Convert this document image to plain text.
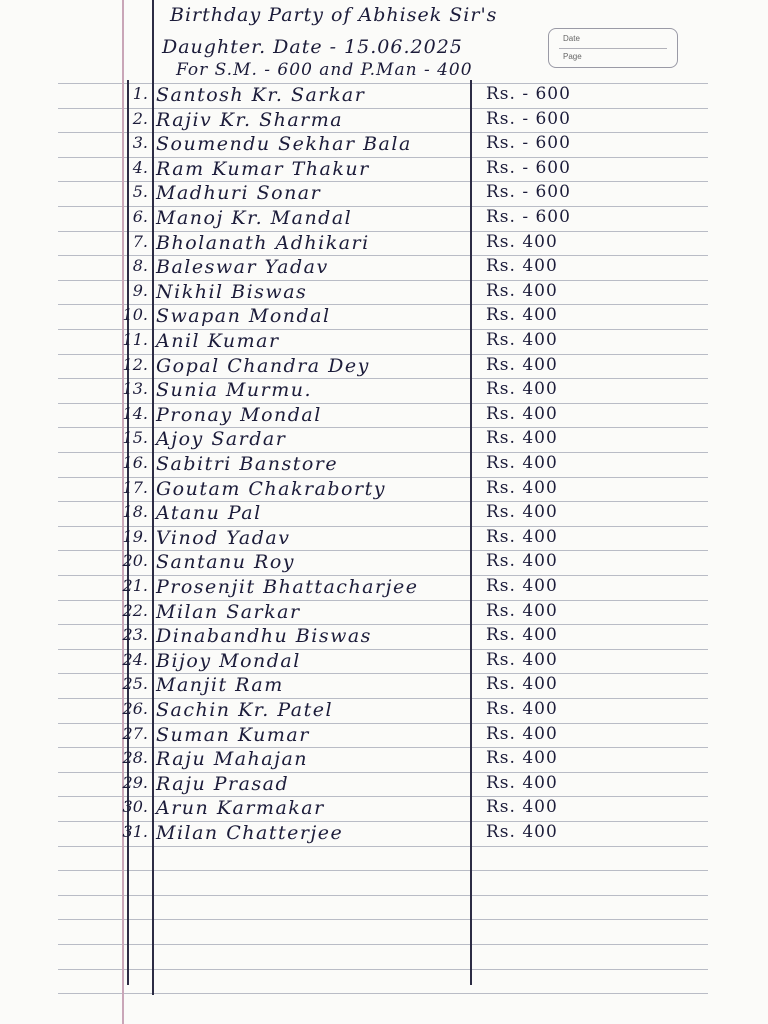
Birthday Party of Abhisek Sir's
Daughter. Date - 15.06.2025
For S.M. - 600 and P.Man - 400
Date
Page
1. Santosh Kr. Sarkar	Rs. - 600
2. Rajiv Kr. Sharma	Rs. - 600
3. Soumendu Sekhar Bala	Rs. - 600
4. Ram Kumar Thakur	Rs. - 600
5. Madhuri Sonar	Rs. - 600
6. Manoj Kr. Mandal	Rs. - 600
7. Bholanath Adhikari	Rs. 400
8. Baleswar Yadav	Rs. 400
9. Nikhil Biswas	Rs. 400
10. Swapan Mondal	Rs. 400
11. Anil Kumar	Rs. 400
12. Gopal Chandra Dey	Rs. 400
13. Sunia Murmu.	Rs. 400
14. Pronay Mondal	Rs. 400
15. Ajoy Sardar	Rs. 400
16. Sabitri Banstore	Rs. 400
17. Goutam Chakraborty	Rs. 400
18. Atanu Pal	Rs. 400
19. Vinod Yadav	Rs. 400
20. Santanu Roy	Rs. 400
21. Prosenjit Bhattacharjee	Rs. 400
22. Milan Sarkar	Rs. 400
23. Dinabandhu Biswas	Rs. 400
24. Bijoy Mondal	Rs. 400
25. Manjit Ram	Rs. 400
26. Sachin Kr. Patel	Rs. 400
27. Suman Kumar	Rs. 400
28. Raju Mahajan	Rs. 400
29. Raju Prasad	Rs. 400
30. Arun Karmakar	Rs. 400
31. Milan Chatterjee	Rs. 400
